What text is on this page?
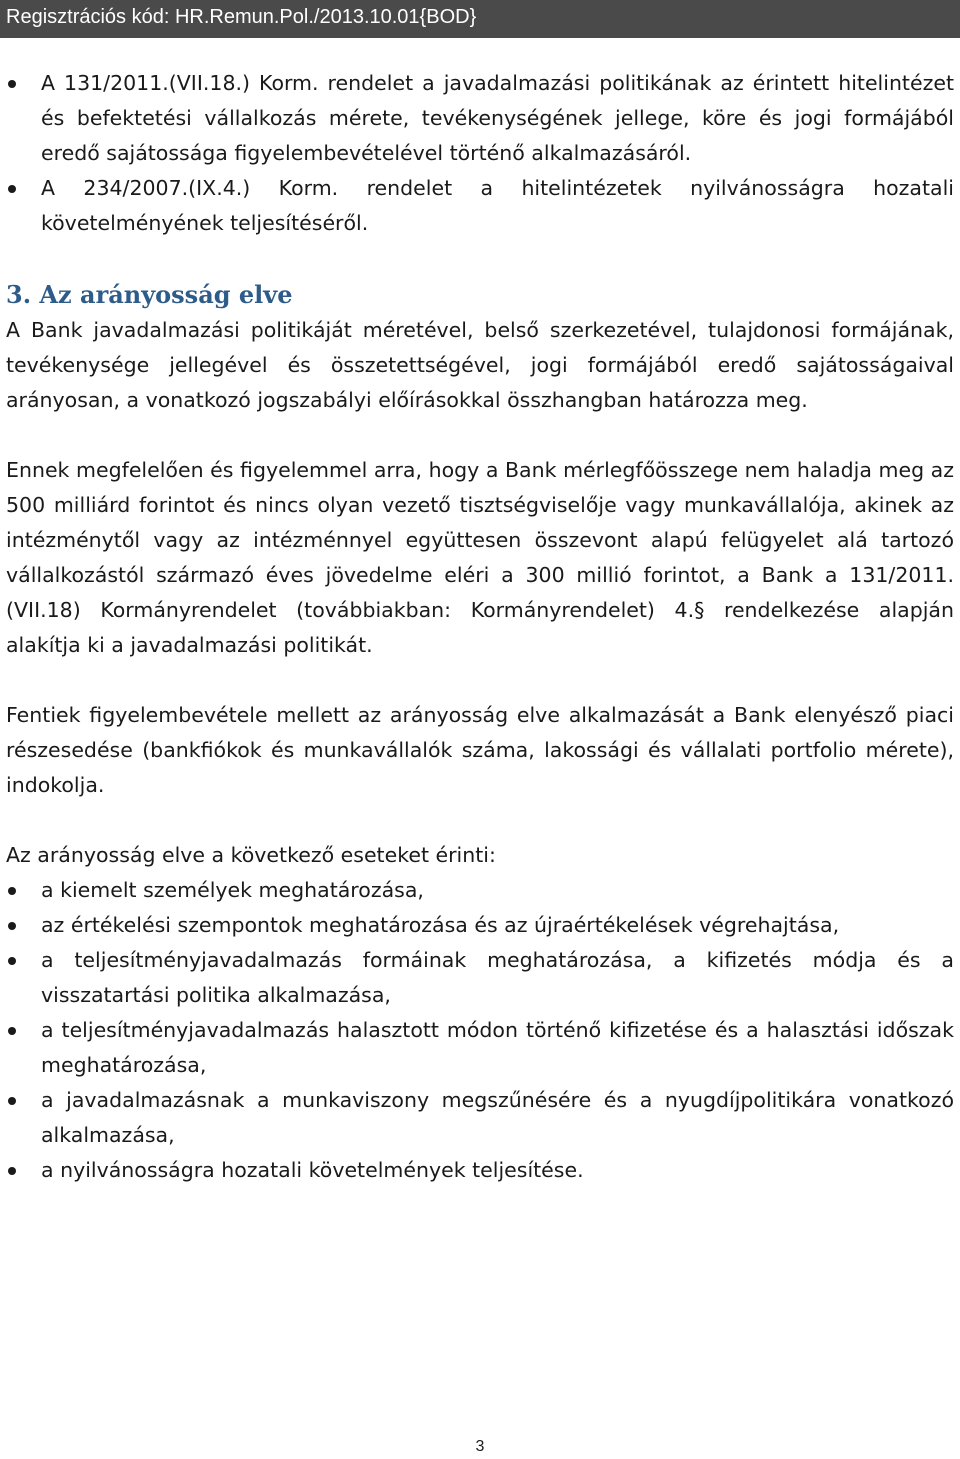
Regisztrációs kód: HR.Remun.Pol./2013.10.01{BOD}
A 131/2011.(VII.18.) Korm. rendelet a javadalmazási politikának az érintett hitelintézet és befektetési vállalkozás mérete, tevékenységének jellege, köre és jogi formájából eredő sajátossága figyelembevételével történő alkalmazásáról.
A 234/2007.(IX.4.) Korm. rendelet a hitelintézetek nyilvánosságra hozatali követelményének teljesítéséről.
3. Az arányosság elve

A Bank javadalmazási politikáját méretével, belső szerkezetével, tulajdonosi formájának, tevékenysége jellegével és összetettségével, jogi formájából eredő sajátosságaival arányosan, a vonatkozó jogszabályi előírásokkal összhangban határozza meg.

Ennek megfelelően és figyelemmel arra, hogy a Bank mérlegfőösszege nem haladja meg az 500 milliárd forintot és nincs olyan vezető tisztségviselője vagy munkavállalója, akinek az intézménytől vagy az intézménnyel együttesen összevont alapú felügyelet alá tartozó vállalkozástól származó éves jövedelme eléri a 300 millió forintot, a Bank a 131/2011. (VII.18) Kormányrendelet (továbbiakban: Kormányrendelet) 4.§ rendelkezése alapján alakítja ki a javadalmazási politikát.

Fentiek figyelembevétele mellett az arányosság elve alkalmazását a Bank elenyésző piaci részesedése (bankfiókok és munkavállalók száma, lakossági és vállalati portfolio mérete), indokolja.

Az arányosság elve a következő eseteket érinti:

a kiemelt személyek meghatározása,
az értékelési szempontok meghatározása és az újraértékelések végrehajtása,
a teljesítményjavadalmazás formáinak meghatározása, a kifizetés módja és a visszatartási politika alkalmazása,
a teljesítményjavadalmazás halasztott módon történő kifizetése és a halasztási időszak meghatározása,
a javadalmazásnak a munkaviszony megszűnésére és a nyugdíjpolitikára vonatkozó alkalmazása,
a nyilvánosságra hozatali követelmények teljesítése.
3
